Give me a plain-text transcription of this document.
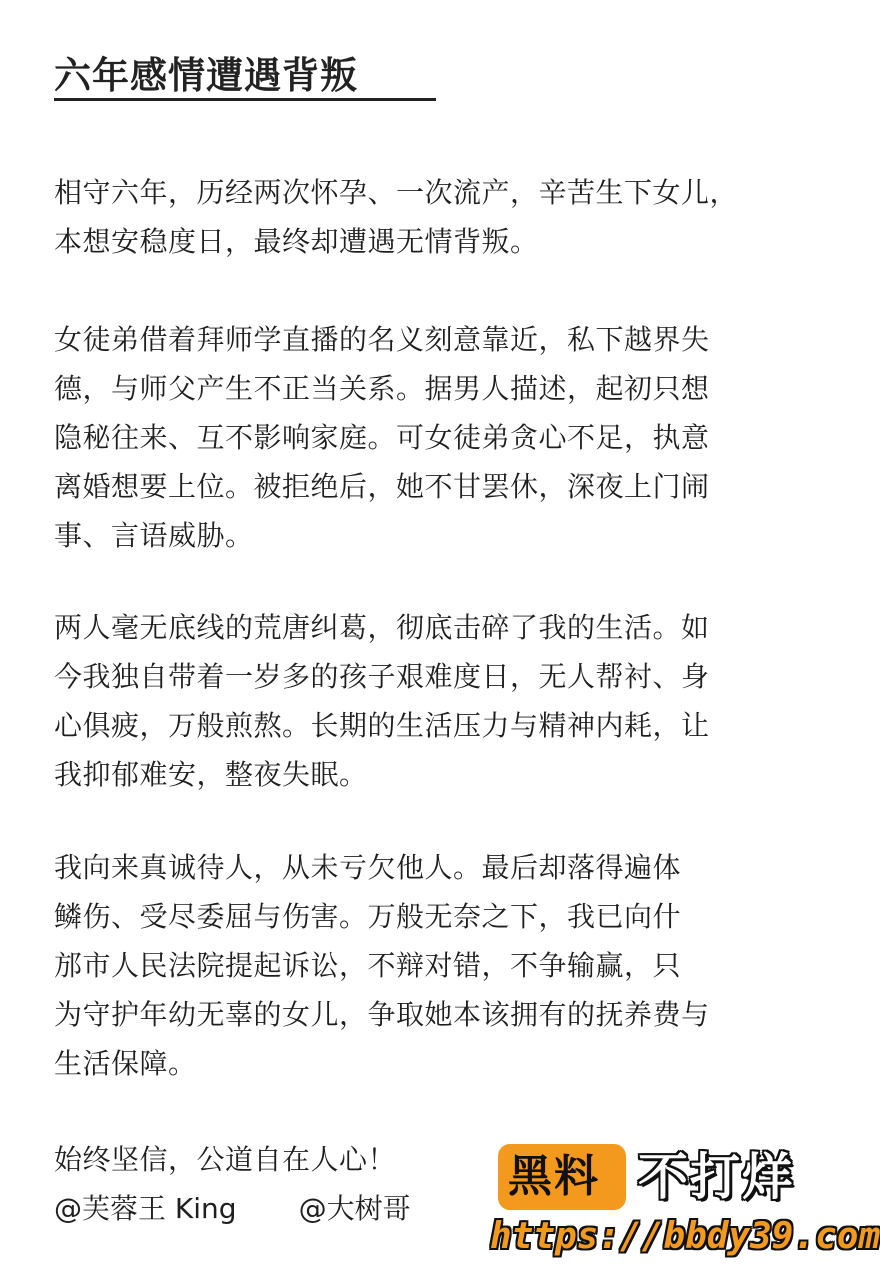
六年感情遭遇背叛
相守六年，历经两次怀孕、一次流产，辛苦生下女儿，
本想安稳度日，最终却遭遇无情背叛。
女徒弟借着拜师学直播的名义刻意靠近，私下越界失
德，与师父产生不正当关系。据男人描述，起初只想
隐秘往来、互不影响家庭。可女徒弟贪心不足，执意
离婚想要上位。被拒绝后，她不甘罢休，深夜上门闹
事、言语威胁。
两人毫无底线的荒唐纠葛，彻底击碎了我的生活。如
今我独自带着一岁多的孩子艰难度日，无人帮衬、身
心俱疲，万般煎熬。长期的生活压力与精神内耗，让
我抑郁难安，整夜失眠。
我向来真诚待人，从未亏欠他人。最后却落得遍体
鳞伤、受尽委屈与伤害。万般无奈之下，我已向什
邡市人民法院提起诉讼，不辩对错，不争输赢，只
为守护年幼无辜的女儿，争取她本该拥有的抚养费与
生活保障。
始终坚信，公道自在人心！
@芙蓉王 King @大树哥
黑料 不打烊
https://bbdy39.com
